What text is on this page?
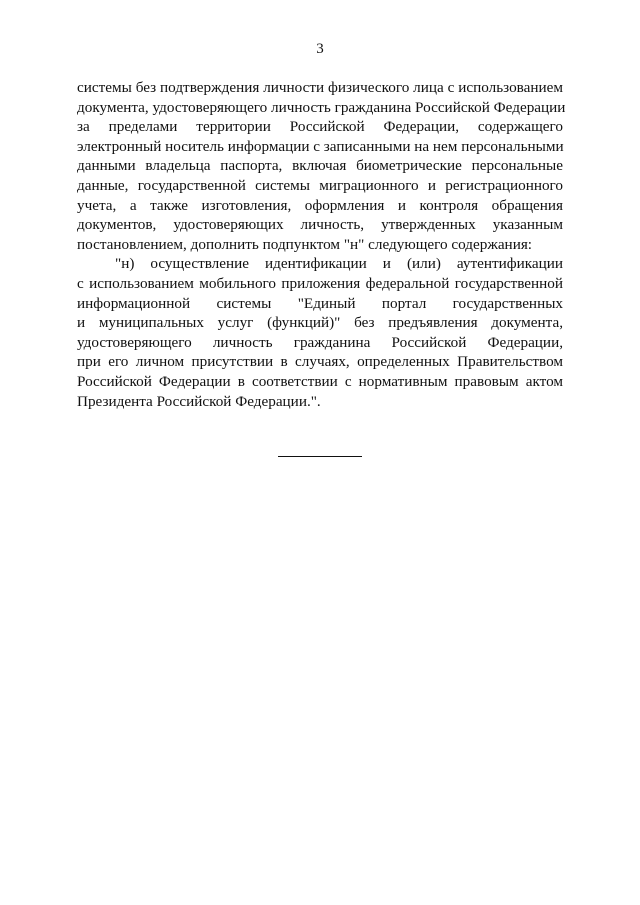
3
системы без подтверждения личности физического лица с использованием
документа, удостоверяющего личность гражданина Российской Федерации
за пределами территории Российской Федерации, содержащего
электронный носитель информации с записанными на нем персональными
данными владельца паспорта, включая биометрические персональные
данные, государственной системы миграционного и регистрационного
учета, а также изготовления, оформления и контроля обращения
документов, удостоверяющих личность, утвержденных указанным
постановлением, дополнить подпунктом "н" следующего содержания:
"н) осуществление идентификации и (или) аутентификации
с использованием мобильного приложения федеральной государственной
информационной системы "Единый портал государственных
и муниципальных услуг (функций)" без предъявления документа,
удостоверяющего личность гражданина Российской Федерации,
при его личном присутствии в случаях, определенных Правительством
Российской Федерации в соответствии с нормативным правовым актом
Президента Российской Федерации.".
